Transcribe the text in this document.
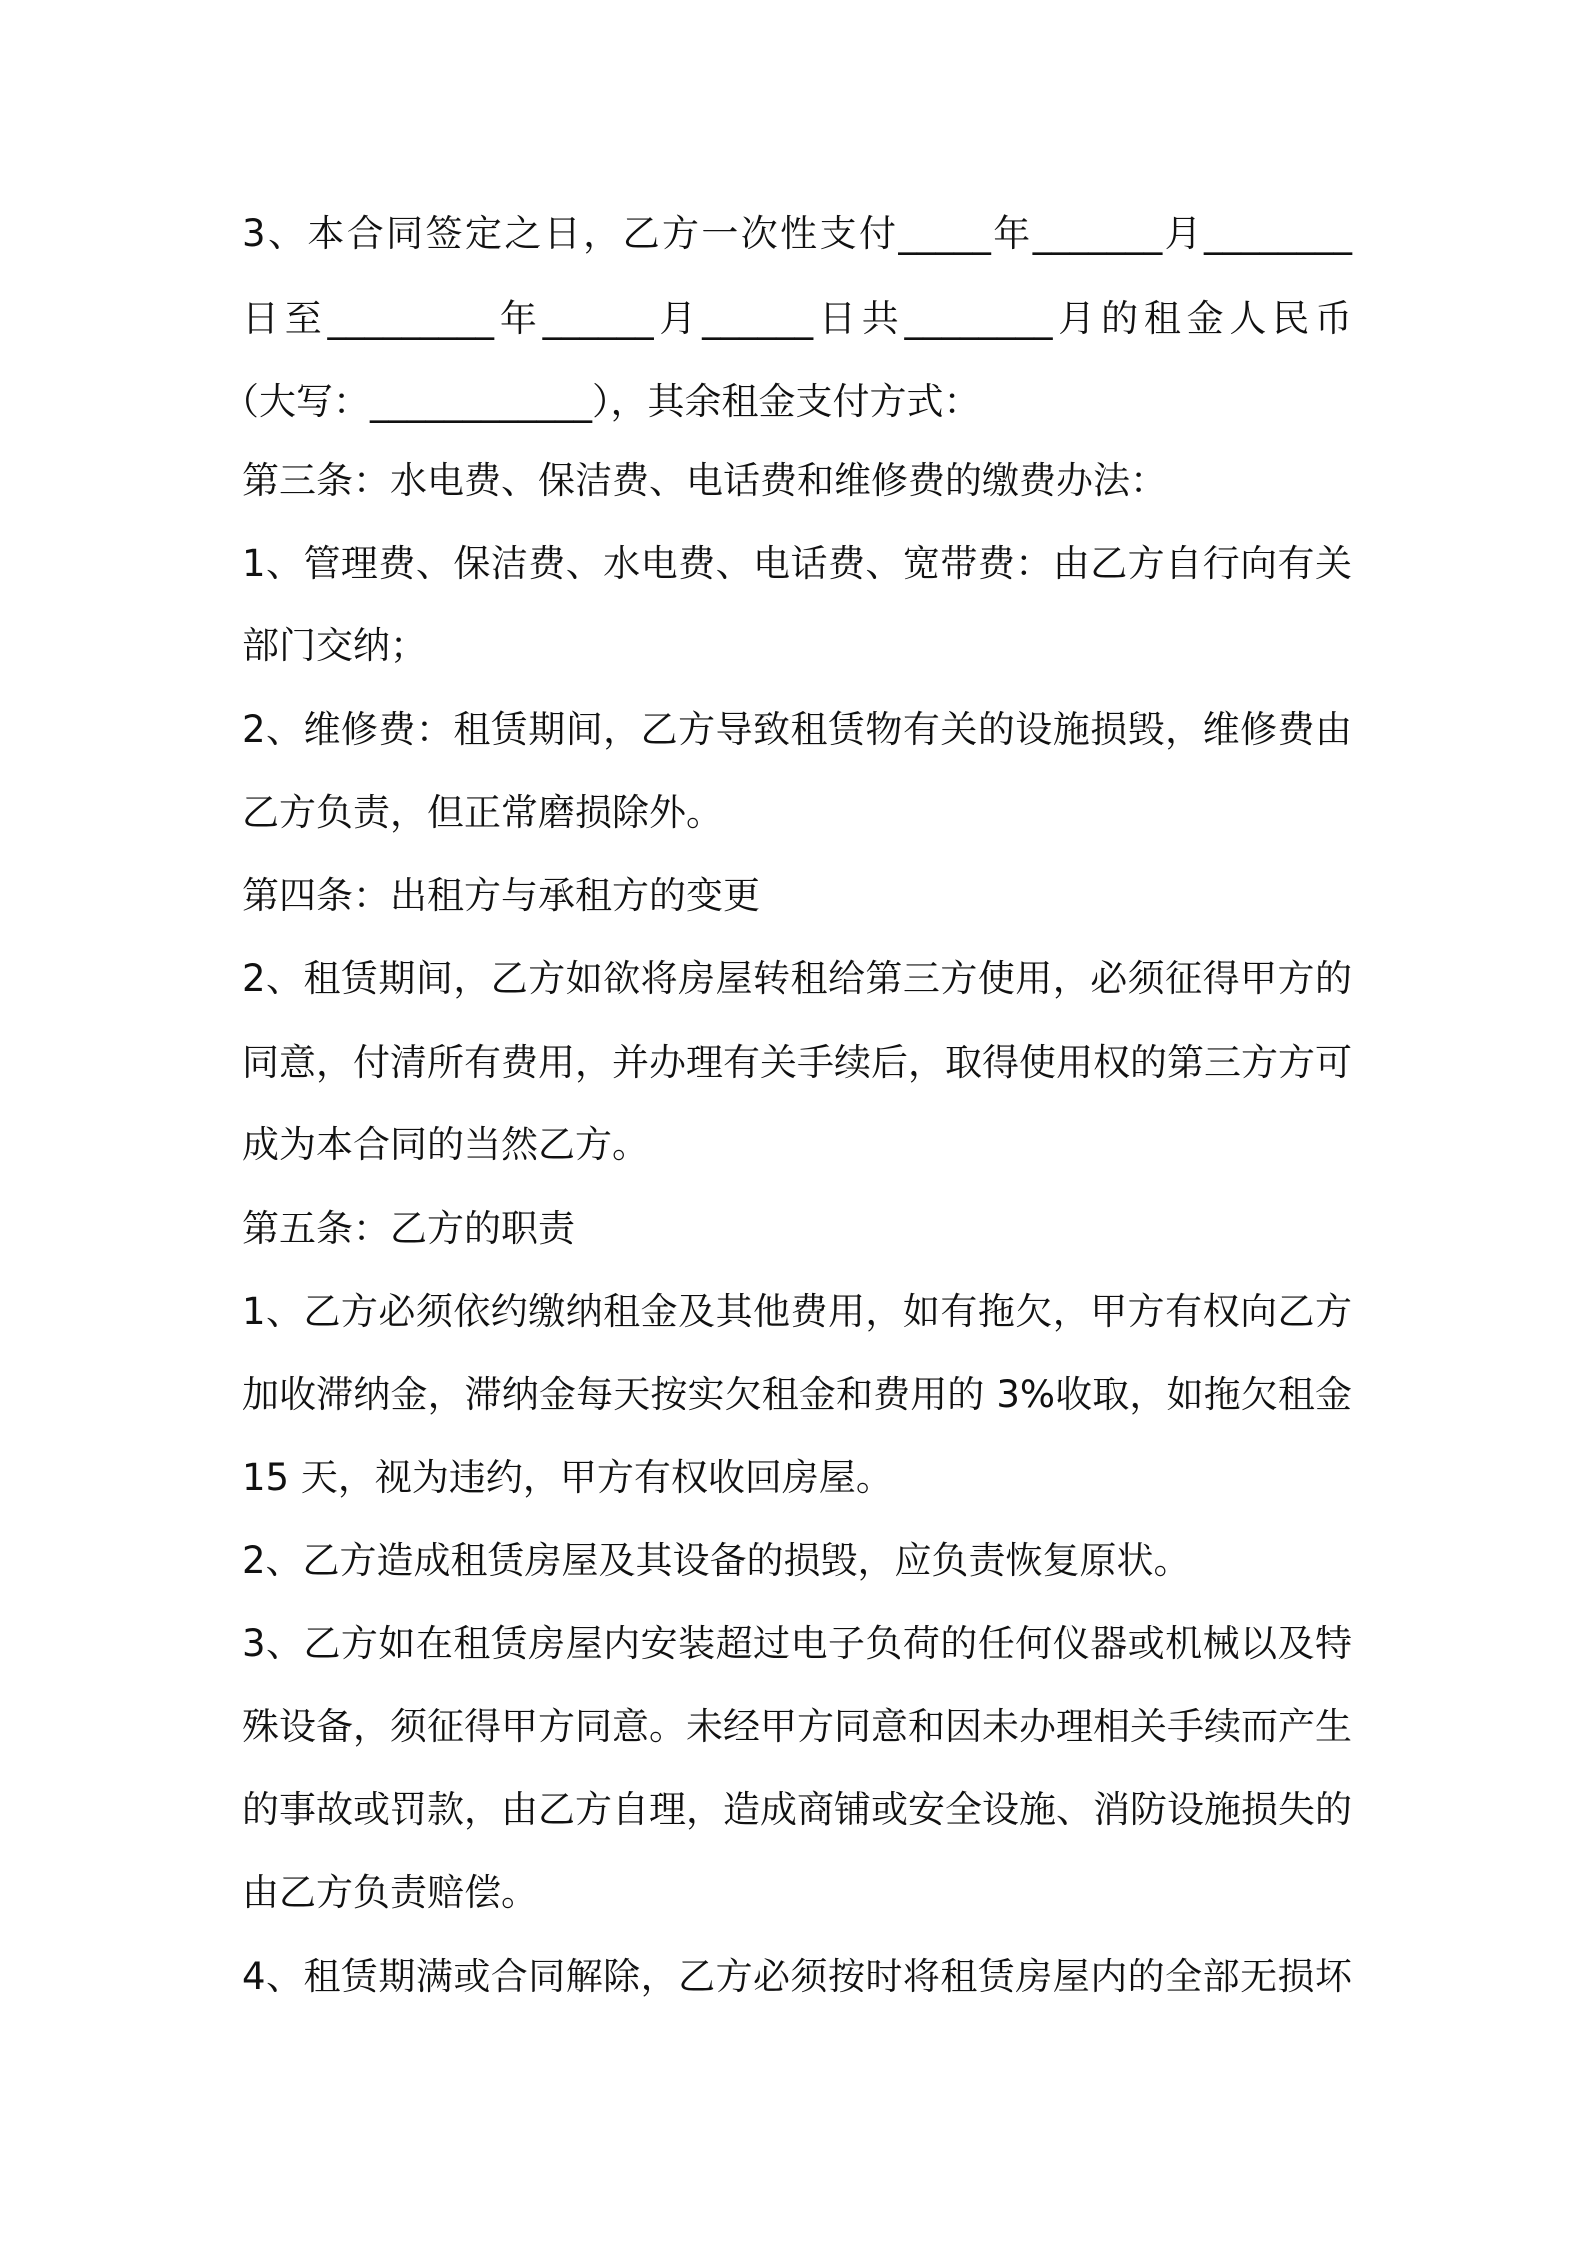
3、本合同签定之日，乙方一次性支付_____年_______月________

日至_________年______月______日共________月的租金人民币

（大写：____________），其余租金支付方式：

第三条：水电费、保洁费、电话费和维修费的缴费办法：

1、管理费、保洁费、水电费、电话费、宽带费：由乙方自行向有关

部门交纳；

2、维修费：租赁期间，乙方导致租赁物有关的设施损毁，维修费由

乙方负责，但正常磨损除外。

第四条：出租方与承租方的变更

2、租赁期间，乙方如欲将房屋转租给第三方使用，必须征得甲方的

同意，付清所有费用，并办理有关手续后，取得使用权的第三方方可

成为本合同的当然乙方。

第五条：乙方的职责

1、乙方必须依约缴纳租金及其他费用，如有拖欠，甲方有权向乙方

加收滞纳金，滞纳金每天按实欠租金和费用的 3%收取，如拖欠租金

15 天，视为违约，甲方有权收回房屋。

2、乙方造成租赁房屋及其设备的损毁，应负责恢复原状。

3、乙方如在租赁房屋内安装超过电子负荷的任何仪器或机械以及特

殊设备，须征得甲方同意。未经甲方同意和因未办理相关手续而产生

的事故或罚款，由乙方自理，造成商铺或安全设施、消防设施损失的

由乙方负责赔偿。

4、租赁期满或合同解除，乙方必须按时将租赁房屋内的全部无损坏
